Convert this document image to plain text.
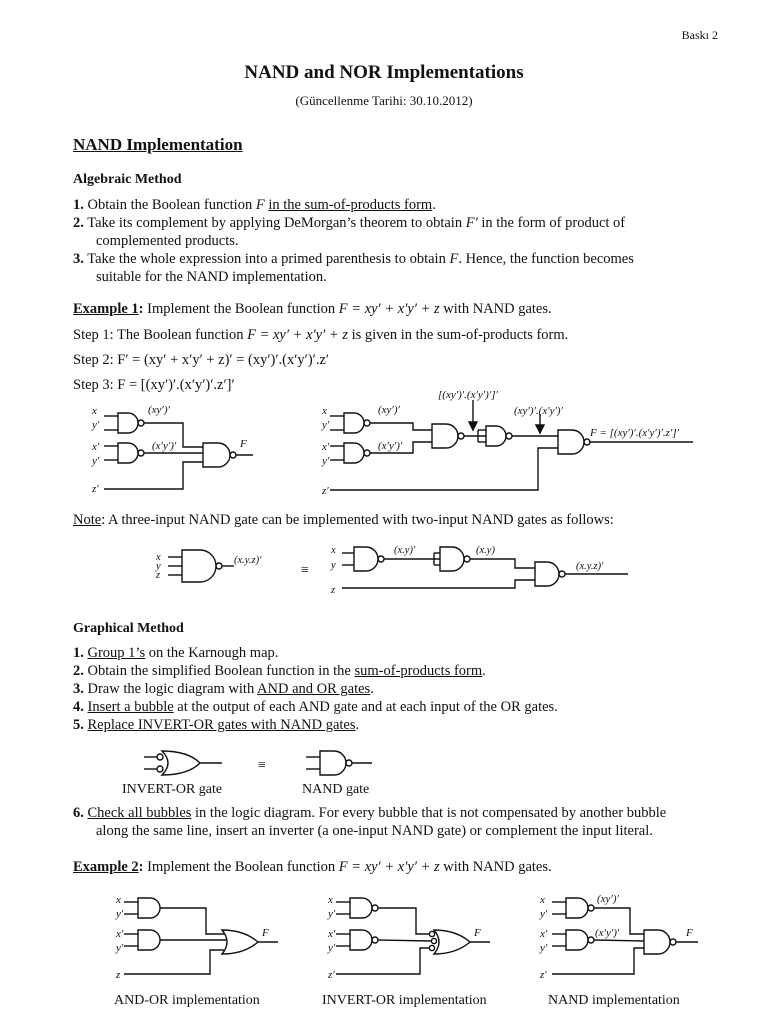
Baskı 2
NAND and NOR Implementations
(Güncellenme Tarihi: 30.10.2012)
NAND Implementation
Algebraic Method
1. Obtain the Boolean function F in the sum-of-products form.
2. Take its complement by applying DeMorgan’s theorem to obtain F′ in the form of product of
complemented products.
3. Take the whole expression into a primed parenthesis to obtain F. Hence, the function becomes
suitable for the NAND implementation.
Example 1: Implement the Boolean function F = xy′ + x′y′ + z with NAND gates.
Step 1: The Boolean function F = xy′ + x′y′ + z is given in the sum-of-products form.
Step 2: F′ = (xy′ + x′y′ + z)′ = (xy′)′.(x′y′)′.z′
Step 3: F = [(xy′)′.(x′y′)′.z′]′
x
y′
x′
y′
z′
(xy′)′
(x′y′)′	F
x
y′
x′
y′
z′
(xy′)′
(x′y′)′
[(xy′)′.(x′y′)′]′
(xy′)′.(x′y′)′
F = [(xy′)′.(x′y′)′.z′]′
Note: A three-input NAND gate can be implemented with two-input NAND gates as follows:
x
y
z
(x.y.z)′
x
y
z
(x.y)′	(x.y)
(x.y.z)′
≡
Graphical Method
1. Group 1’s on the Karnough map.
2. Obtain the simplified Boolean function in the sum-of-products form.
3. Draw the logic diagram with AND and OR gates.
4. Insert a bubble at the output of each AND gate and at each input of the OR gates.
5. Replace INVERT-OR gates with NAND gates.
≡
INVERT-OR gate	NAND gate
6. Check all bubbles in the logic diagram. For every bubble that is not compensated by another bubble
along the same line, insert an inverter (a one-input NAND gate) or complement the input literal.
Example 2: Implement the Boolean function F = xy′ + x′y′ + z with NAND gates.
x
y′
x′
y′
z
F
x
y′
x′
y′
z′
F
x
y′
x′
y′
z′
(xy′)′
(x′y′)′	F
AND-OR implementation	INVERT-OR implementation	NAND implementation
